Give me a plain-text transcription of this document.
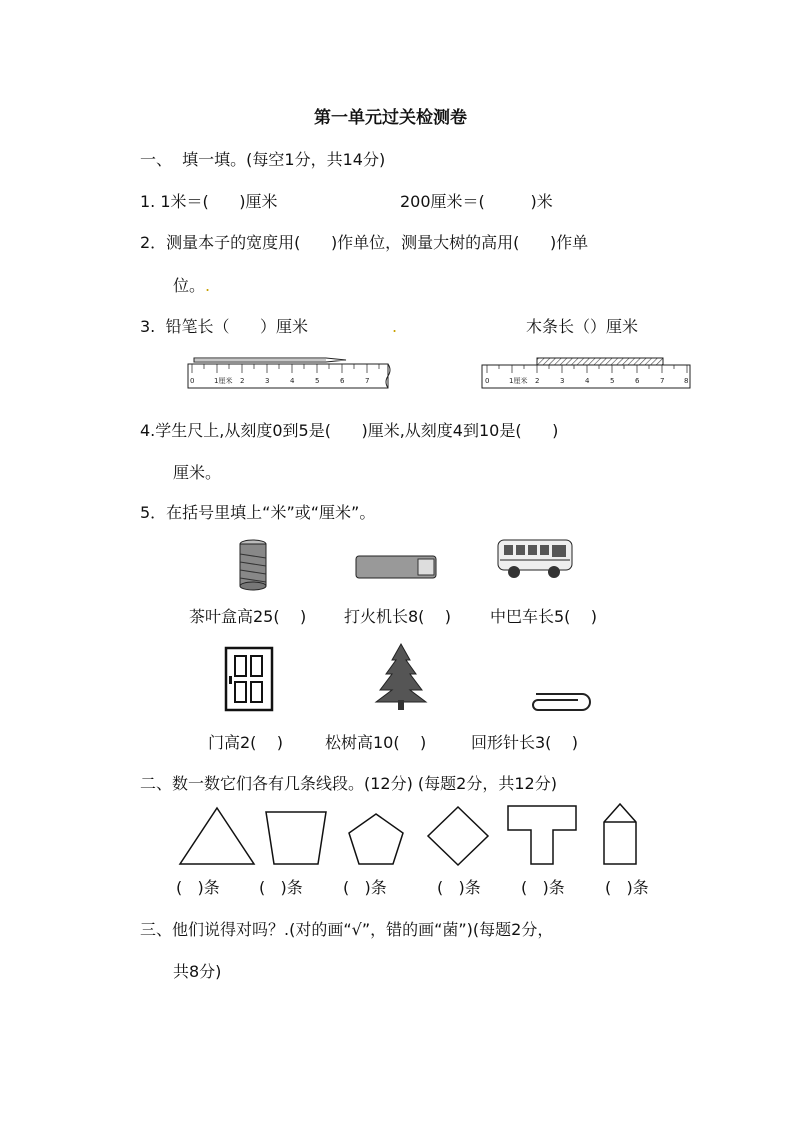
第一单元过关检测卷
一、  填一填。(每空1分，共14分)
1. 1米＝(      )厘米	200厘米＝(         )米
2．测量本子的宽度用(      )作单位，测量大树的高用(      )作单
位。.
3.  铅笔长（      ）厘米	.	木条长（）厘米
0	1厘米 2	3	4	5	6	7	0	1厘米 2	3	4	5	6	7	8
4.学生尺上,从刻度0到5是(      )厘米,从刻度4到10是(      )
厘米。
5．在括号里填上“米”或“厘米”。
茶叶盒高25(    ) 打火机长8(    ) 中巴车长5(    )
门高2(    )	松树高10(    )	回形针长3(    )
二、数一数它们各有几条线段。(12分) (每题2分，共12分)
(   )条 (   )条	(   )条	(   )条	(   )条	(   )条
三、他们说得对吗？.(对的画“√”，错的画“菌”)(每题2分，
共8分)
